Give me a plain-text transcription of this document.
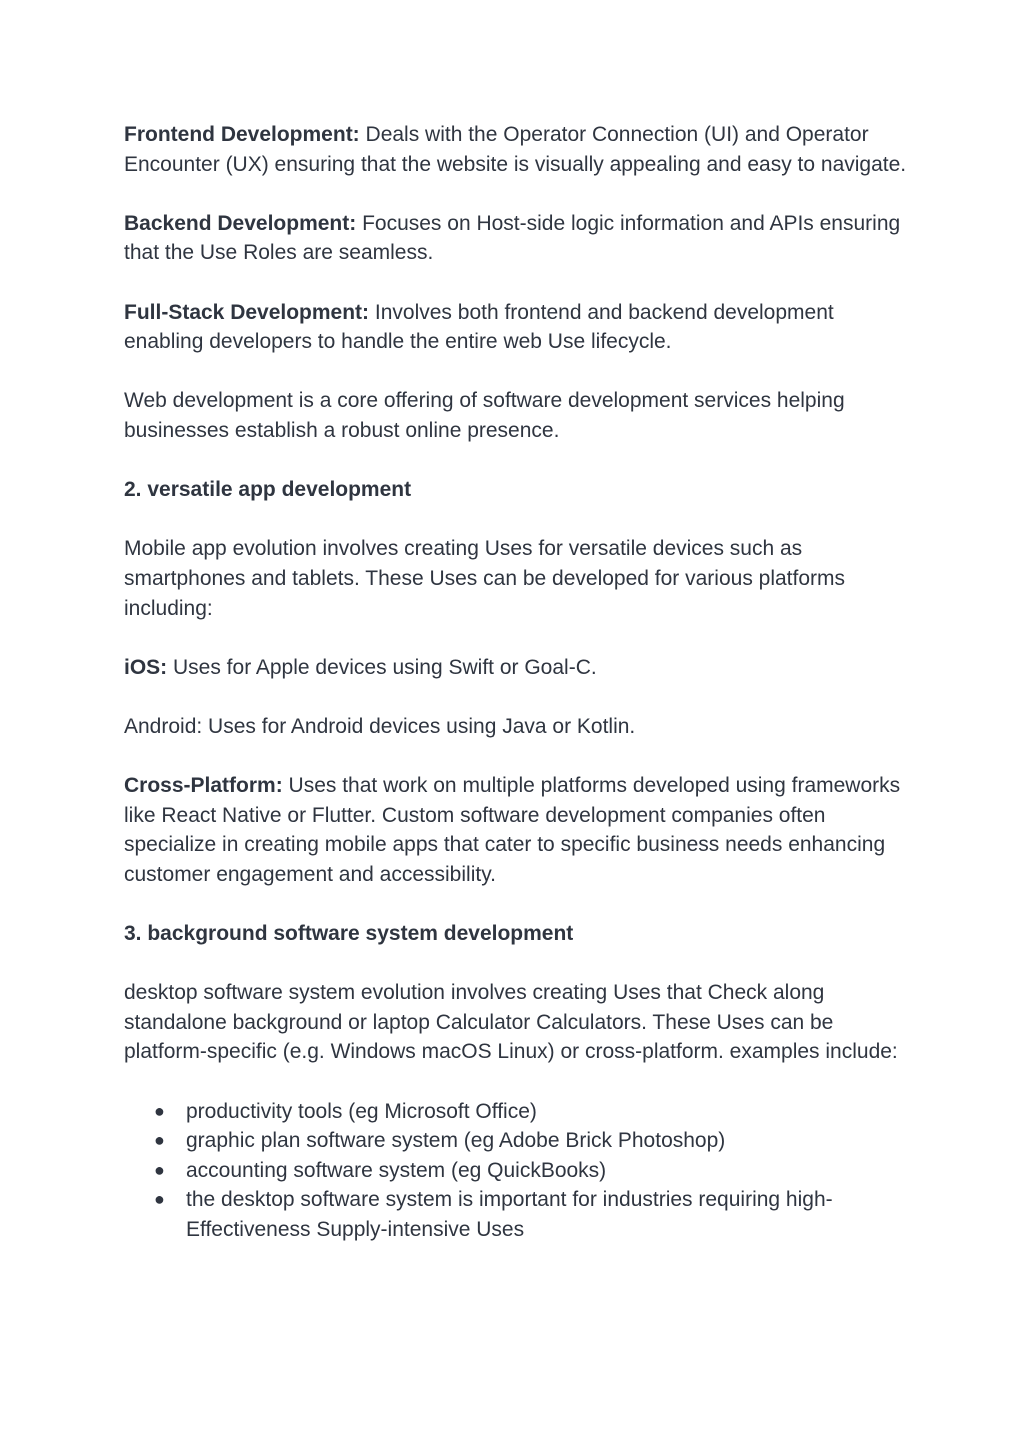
Frontend Development: Deals with the Operator Connection (UI) and Operator Encounter (UX) ensuring that the website is visually appealing and easy to navigate.

Backend Development: Focuses on Host-side logic information and APIs ensuring that the Use Roles are seamless.

Full-Stack Development: Involves both frontend and backend development enabling developers to handle the entire web Use lifecycle.

Web development is a core offering of software development services helping businesses establish a robust online presence.

2. versatile app development

Mobile app evolution involves creating Uses for versatile devices such as smartphones and tablets. These Uses can be developed for various platforms including:

iOS: Uses for Apple devices using Swift or Goal-C.

Android: Uses for Android devices using Java or Kotlin.

Cross-Platform: Uses that work on multiple platforms developed using frameworks like React Native or Flutter. Custom software development companies often specialize in creating mobile apps that cater to specific business needs enhancing customer engagement and accessibility.

3. background software system development

desktop software system evolution involves creating Uses that Check along standalone background or laptop Calculator Calculators. These Uses can be platform-specific (e.g. Windows macOS Linux) or cross-platform. examples include:

● productivity tools (eg Microsoft Office)
● graphic plan software system (eg Adobe Brick Photoshop)
● accounting software system (eg QuickBooks)
● the desktop software system is important for industries requiring high-Effectiveness Supply-intensive Uses
